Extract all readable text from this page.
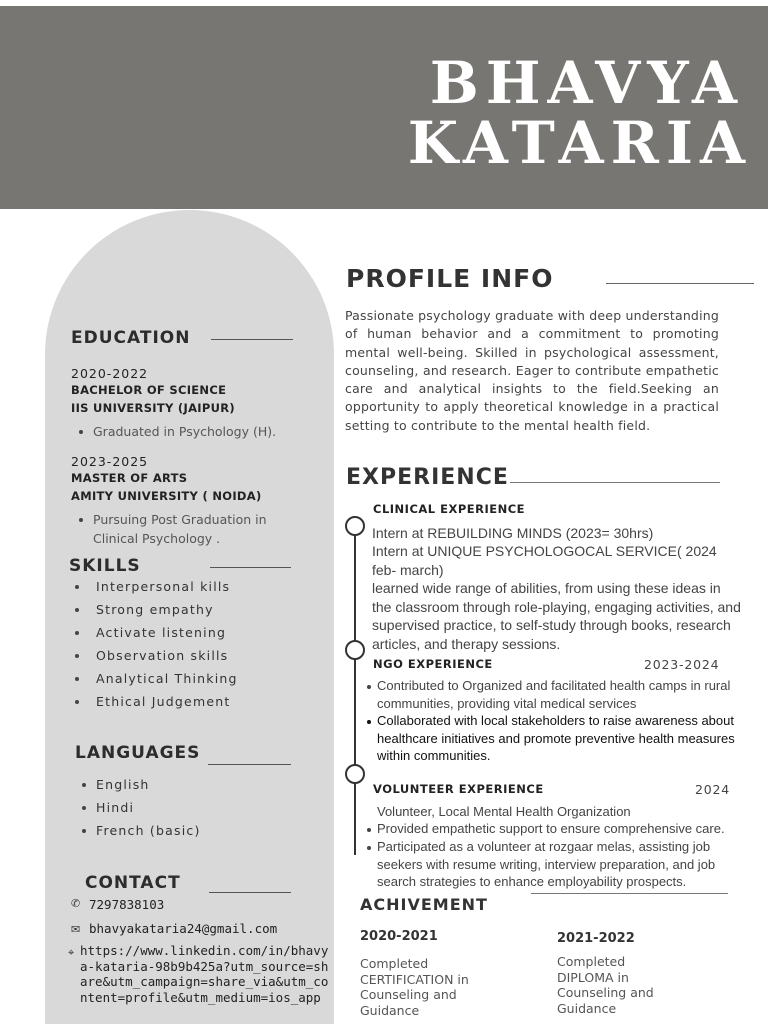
BHAVYA
KATARIA
EDUCATION
2020-2022
BACHELOR OF SCIENCE
IIS UNIVERSITY (JAIPUR)
Graduated in Psychology (H).
2023-2025
MASTER OF ARTS
AMITY UNIVERSITY ( NOIDA)
Pursuing Post Graduation in Clinical Psychology .
SKILLS
Interpersonal kills
Strong empathy
Activate listening
Observation skills
Analytical Thinking
Ethical Judgement
LANGUAGES
English
Hindi
French (basic)
CONTACT
✆ 7297838103
✉ bhavyakataria24@gmail.com
⌖ https://www.linkedin.com/in/bhavya-kataria-98b9b425a?utm_source=share&utm_campaign=share_via&utm_content=profile&utm_medium=ios_app
PROFILE INFO
Passionate psychology graduate with deep understanding of human behavior and a commitment to promoting mental well-being. Skilled in psychological assessment, counseling, and research. Eager to contribute empathetic care and analytical insights to the field.Seeking an opportunity to apply theoretical knowledge in a practical setting to contribute to the mental health field.
EXPERIENCE
CLINICAL EXPERIENCE
Intern at REBUILDING MINDS (2023= 30hrs)
Intern at UNIQUE PSYCHOLOGOCAL SERVICE( 2024 feb- march)
learned wide range of abilities, from using these ideas in the classroom through role-playing, engaging activities, and supervised practice, to self-study through books, research articles, and therapy sessions.
NGO EXPERIENCE	2023-2024
Contributed to Organized and facilitated health camps in rural communities, providing vital medical services
Collaborated with local stakeholders to raise awareness about healthcare initiatives and promote preventive health measures within communities.
VOLUNTEER EXPERIENCE	2024
Volunteer, Local Mental Health Organization
Provided empathetic support to ensure comprehensive care.
Participated as a volunteer at rozgaar melas, assisting job seekers with resume writing, interview preparation, and job search strategies to enhance employability prospects.
ACHIVEMENT
2020-2021
Completed CERTIFICATION in Counseling and Guidance
2021-2022
Completed DIPLOMA in Counseling and Guidance
